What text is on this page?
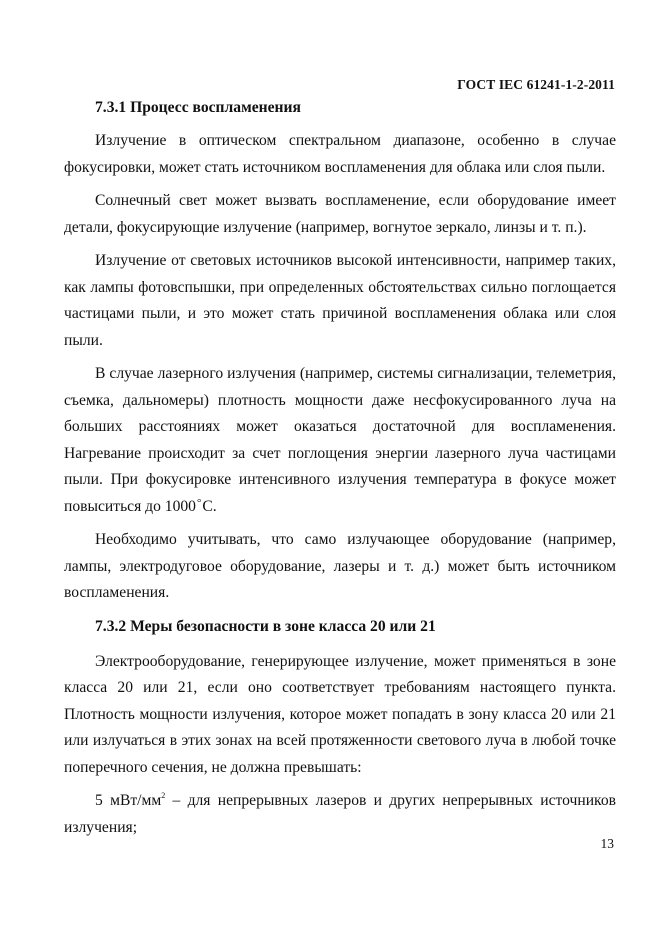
ГОСТ IEC 61241-1-2-2011
7.3.1 Процесс воспламенения

Излучение в оптическом спектральном диапазоне, особенно в случае фокусировки, может стать источником воспламенения для облака или слоя пыли.

Солнечный свет может вызвать воспламенение, если оборудование имеет детали, фокусирующие излучение (например, вогнутое зеркало, линзы и т. п.).

Излучение от световых источников высокой интенсивности, например таких, как лампы фотовспышки, при определенных обстоятельствах сильно поглощается частицами пыли, и это может стать причиной воспламенения облака или слоя пыли.

В случае лазерного излучения (например, системы сигнализации, телеметрия, съемка, дальномеры) плотность мощности даже несфокусированного луча на больших расстояниях может оказаться достаточной для воспламенения. Нагревание происходит за счет поглощения энергии лазерного луча частицами пыли. При фокусировке интенсивного излучения температура в фокусе может повыситься до 1000°С.

Необходимо учитывать, что само излучающее оборудование (например, лампы, электродуговое оборудование, лазеры и т. д.) может быть источником воспламенения.

7.3.2 Меры безопасности в зоне класса 20 или 21

Электрооборудование, генерирующее излучение, может применяться в зоне класса 20 или 21, если оно соответствует требованиям настоящего пункта. Плотность мощности излучения, которое может попадать в зону класса 20 или 21 или излучаться в этих зонах на всей протяженности светового луча в любой точке поперечного сечения, не должна превышать:

5 мВт/$мм^2$ – для непрерывных лазеров и других непрерывных источников излучения;

13
